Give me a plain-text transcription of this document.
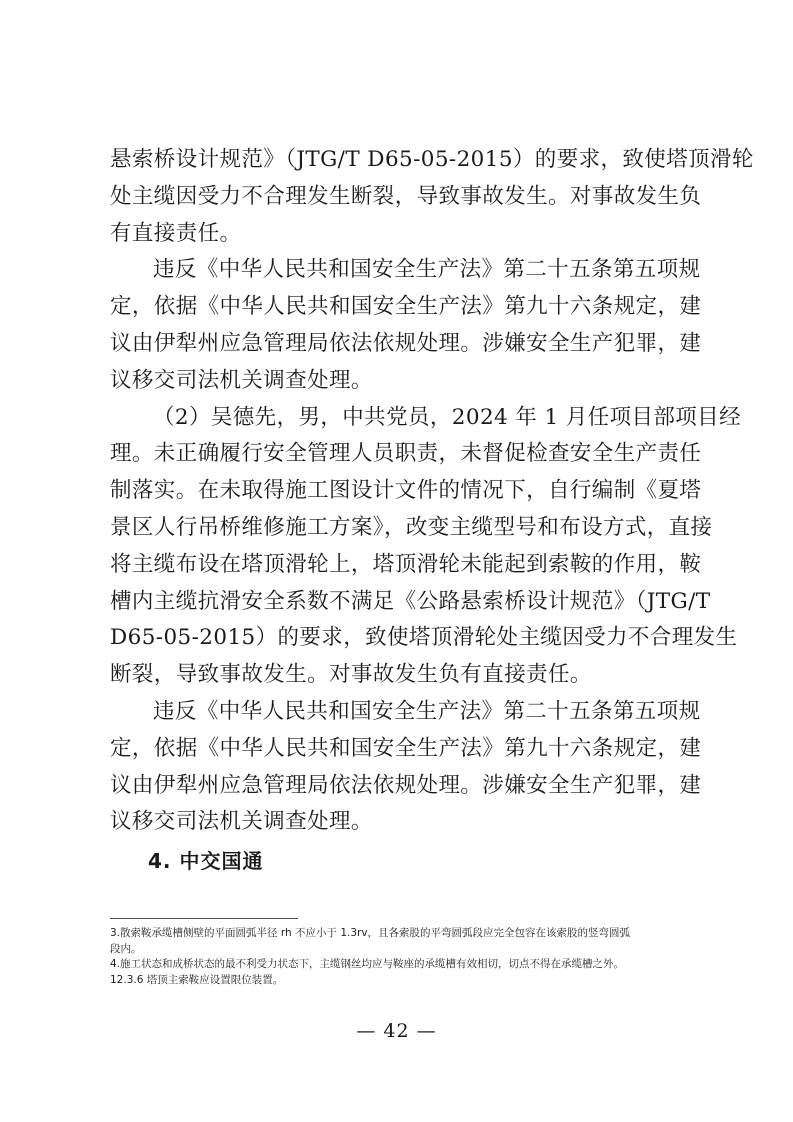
悬索桥设计规范》（JTG/T D65-05-2015）的要求，致使塔顶滑轮
处主缆因受力不合理发生断裂，导致事故发生。对事故发生负
有直接责任。
违反《中华人民共和国安全生产法》第二十五条第五项规
定，依据《中华人民共和国安全生产法》第九十六条规定，建
议由伊犁州应急管理局依法依规处理。涉嫌安全生产犯罪，建
议移交司法机关调查处理。
（2）吴德先，男，中共党员，2024 年 1 月任项目部项目经
理。未正确履行安全管理人员职责，未督促检查安全生产责任
制落实。在未取得施工图设计文件的情况下，自行编制《夏塔
景区人行吊桥维修施工方案》，改变主缆型号和布设方式，直接
将主缆布设在塔顶滑轮上，塔顶滑轮未能起到索鞍的作用，鞍
槽内主缆抗滑安全系数不满足《公路悬索桥设计规范》（JTG/T
D65-05-2015）的要求，致使塔顶滑轮处主缆因受力不合理发生
断裂，导致事故发生。对事故发生负有直接责任。
违反《中华人民共和国安全生产法》第二十五条第五项规
定，依据《中华人民共和国安全生产法》第九十六条规定，建
议由伊犁州应急管理局依法依规处理。涉嫌安全生产犯罪，建
议移交司法机关调查处理。
4. 中交国通
3.散索鞍承缆槽侧壁的平面圆弧半径 rh 不应小于 1.3rv，且各索股的平弯圆弧段应完全包容在该索股的竖弯圆弧
段内。
4.施工状态和成桥状态的最不利受力状态下，主缆钢丝均应与鞍座的承缆槽有效相切，切点不得在承缆槽之外。
12.3.6 塔顶主索鞍应设置限位装置。
— 42 —
